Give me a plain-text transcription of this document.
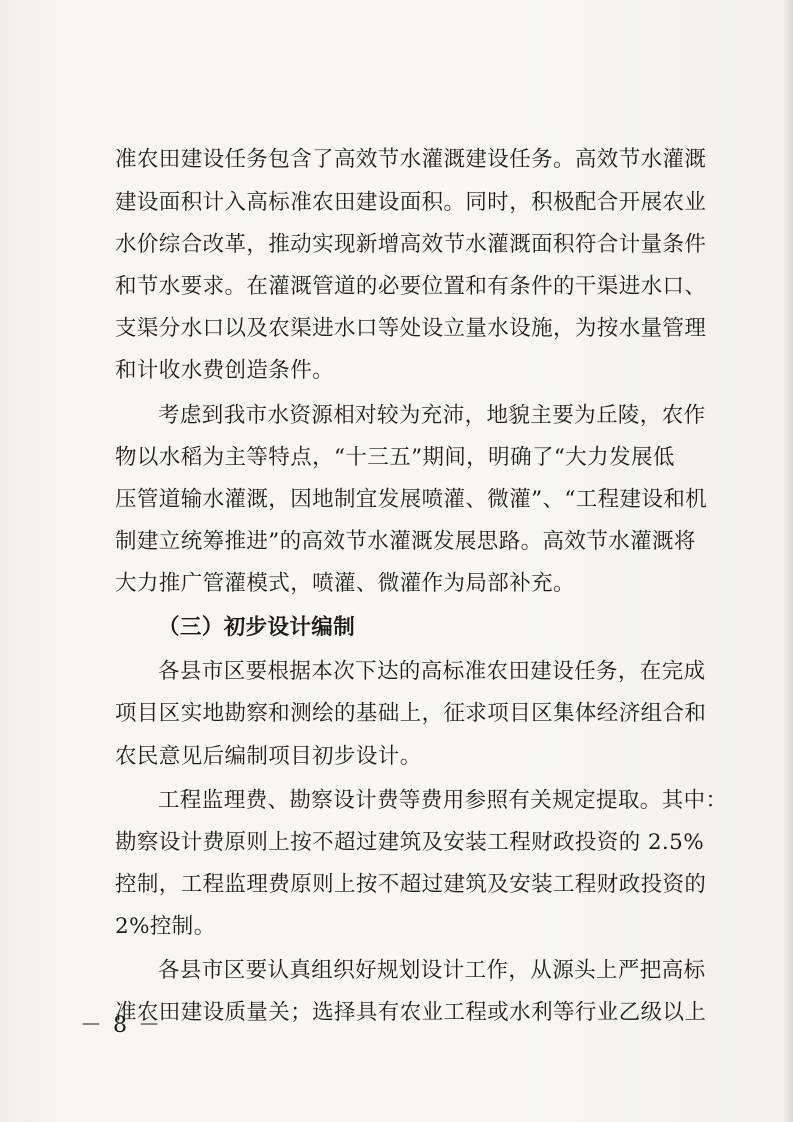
准农田建设任务包含了高效节水灌溉建设任务。高效节水灌溉
建设面积计入高标准农田建设面积。同时，积极配合开展农业
水价综合改革，推动实现新增高效节水灌溉面积符合计量条件
和节水要求。在灌溉管道的必要位置和有条件的干渠进水口、
支渠分水口以及农渠进水口等处设立量水设施，为按水量管理
和计收水费创造条件。
考虑到我市水资源相对较为充沛，地貌主要为丘陵，农作
物以水稻为主等特点，“十三五”期间，明确了“大力发展低
压管道输水灌溉，因地制宜发展喷灌、微灌”、“工程建设和机
制建立统筹推进”的高效节水灌溉发展思路。高效节水灌溉将
大力推广管灌模式，喷灌、微灌作为局部补充。
（三）初步设计编制
各县市区要根据本次下达的高标准农田建设任务，在完成
项目区实地勘察和测绘的基础上，征求项目区集体经济组合和
农民意见后编制项目初步设计。
工程监理费、勘察设计费等费用参照有关规定提取。其中：
勘察设计费原则上按不超过建筑及安装工程财政投资的 2.5%
控制，工程监理费原则上按不超过建筑及安装工程财政投资的
2%控制。
各县市区要认真组织好规划设计工作，从源头上严把高标
准农田建设质量关；选择具有农业工程或水利等行业乙级以上
－ 8 －
